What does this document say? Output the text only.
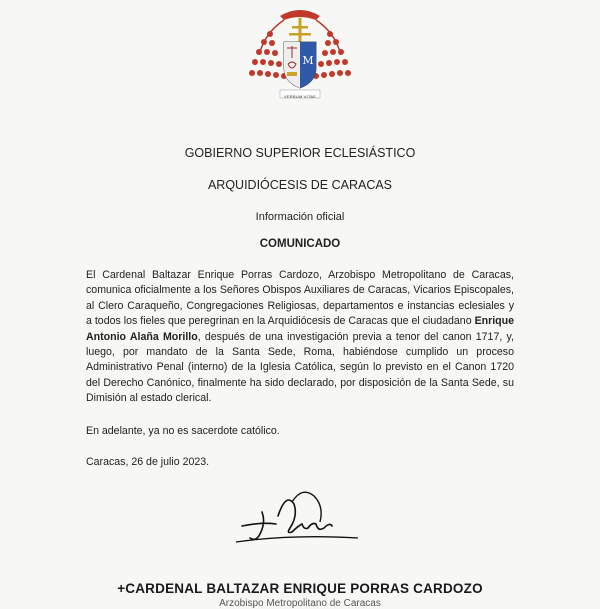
M
VERBUM VITAE
GOBIERNO SUPERIOR ECLESIÁSTICO
ARQUIDIÓCESIS DE CARACAS
Información oficial
COMUNICADO
El Cardenal Baltazar Enrique Porras Cardozo, Arzobispo Metropolitano de Caracas, comunica oficialmente a los Señores Obispos Auxiliares de Caracas, Vicarios Episcopales, al Clero Caraqueño, Congregaciones Religiosas, departamentos e instancias eclesiales y a todos los fieles que peregrinan en la Arquidiócesis de Caracas que el ciudadano Enrique Antonio Alaña Morillo, después de una investigación previa a tenor del canon 1717, y, luego, por mandato de la Santa Sede, Roma, habiéndose cumplido un proceso Administrativo Penal (interno) de la Iglesia Católica, según lo previsto en el Canon 1720 del Derecho Canónico, finalmente ha sido declarado, por disposición de la Santa Sede, su Dimisión al estado clerical.
En adelante, ya no es sacerdote católico.
Caracas, 26 de julio 2023.
+CARDENAL BALTAZAR ENRIQUE PORRAS CARDOZO
Arzobispo Metropolitano de Caracas
